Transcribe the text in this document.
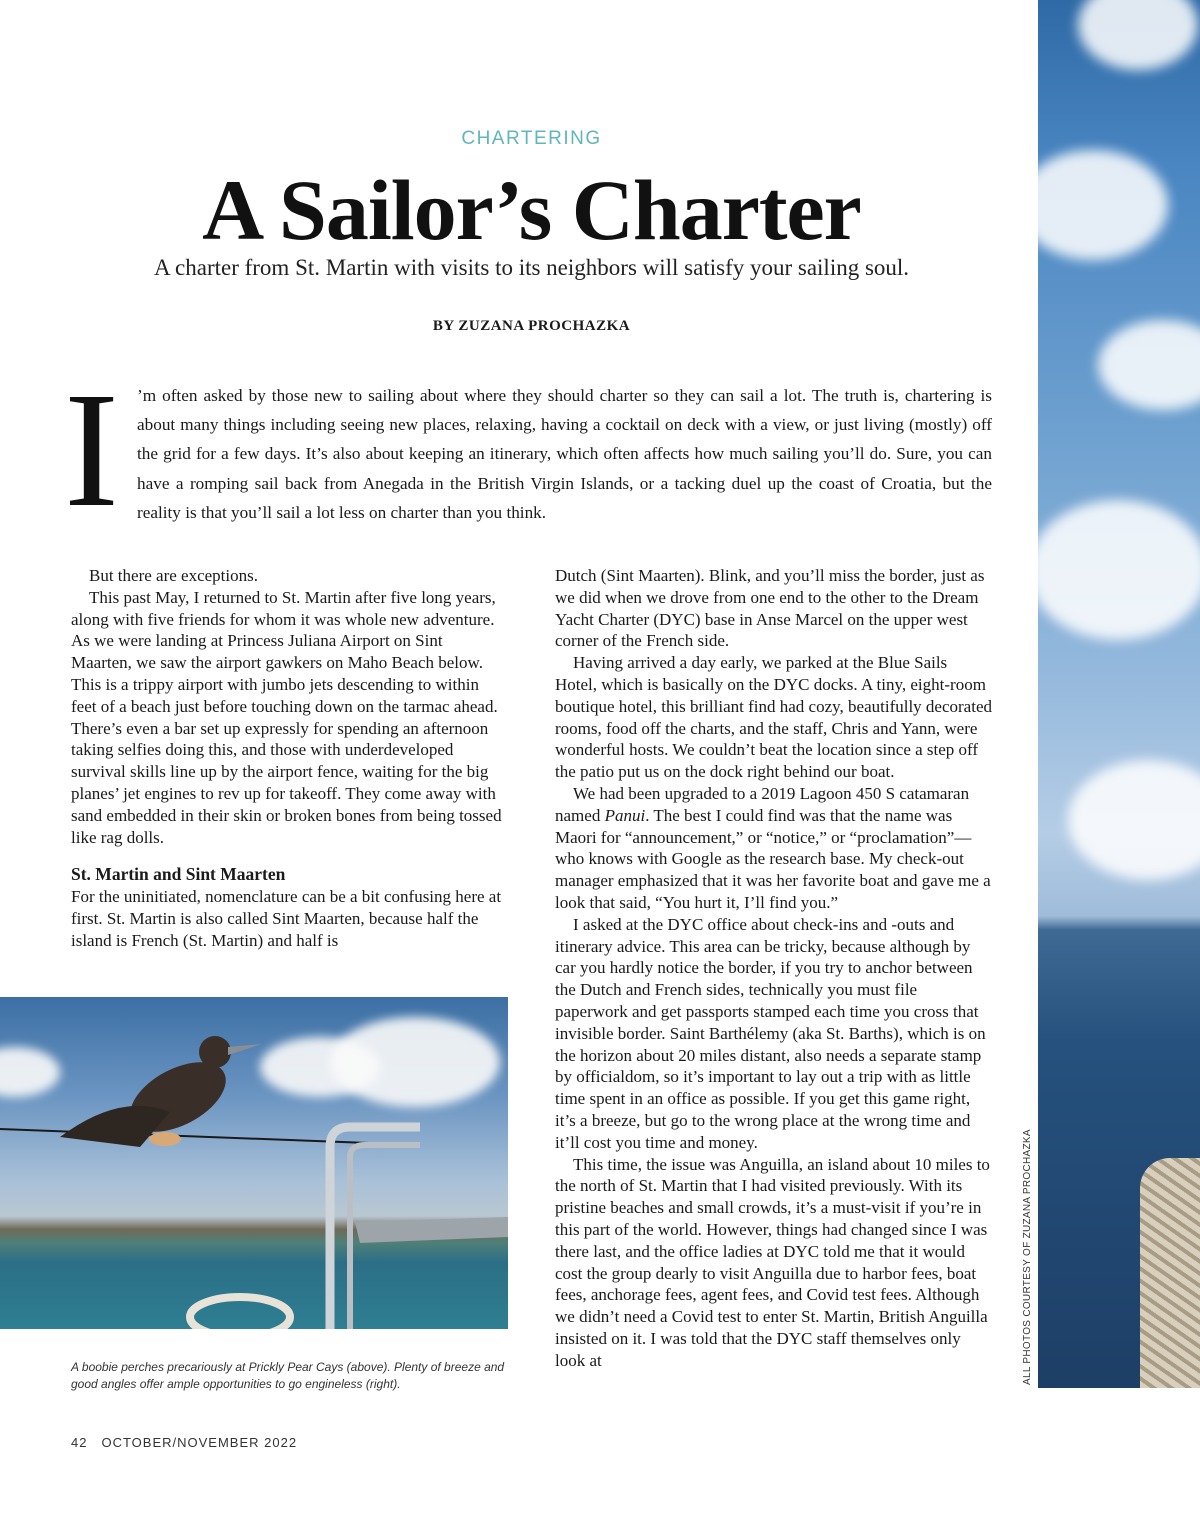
ALL PHOTOS COURTESY OF ZUZANA PROCHAZKA
CHARTERING
A Sailor’s Charter
A charter from St. Martin with visits to its neighbors will satisfy your sailing soul.
BY ZUZANA PROCHAZKA
I ’m often asked by those new to sailing about where they should charter so they can sail a lot. The truth is, chartering is about many things including seeing new places, relaxing, having a cocktail on deck with a view, or just living (mostly) off the grid for a few days. It’s also about keeping an itinerary, which often affects how much sailing you’ll do. Sure, you can have a romping sail back from Anegada in the British Virgin Islands, or a tacking duel up the coast of Croatia, but the reality is that you’ll sail a lot less on charter than you think.

But there are exceptions.

This past May, I returned to St. Martin after five long years, along with five friends for whom it was whole new adventure. As we were landing at Princess Juliana Airport on Sint Maarten, we saw the airport gawkers on Maho Beach below. This is a trippy airport with jumbo jets descending to within feet of a beach just before touching down on the tarmac ahead. There’s even a bar set up expressly for spending an afternoon taking selfies doing this, and those with underdeveloped survival skills line up by the airport fence, waiting for the big planes’ jet engines to rev up for takeoff. They come away with sand embedded in their skin or broken bones from being tossed like rag dolls.

St. Martin and Sint Maarten

For the uninitiated, nomenclature can be a bit confusing here at first. St. Martin is also called Sint Maarten, because half the island is French (St. Martin) and half is

A boobie perches precariously at Prickly Pear Cays (above). Plenty of breeze and good angles offer ample opportunities to go engineless (right).

Dutch (Sint Maarten). Blink, and you’ll miss the border, just as we did when we drove from one end to the other to the Dream Yacht Charter (DYC) base in Anse Marcel on the upper west corner of the French side.

Having arrived a day early, we parked at the Blue Sails Hotel, which is basically on the DYC docks. A tiny, eight-room boutique hotel, this brilliant find had cozy, beautifully decorated rooms, food off the charts, and the staff, Chris and Yann, were wonderful hosts. We couldn’t beat the location since a step off the patio put us on the dock right behind our boat.

We had been upgraded to a 2019 Lagoon 450 S catamaran named Panui. The best I could find was that the name was Maori for “announcement,” or “notice,” or “proclamation”—who knows with Google as the research base. My check-out manager emphasized that it was her favorite boat and gave me a look that said, “You hurt it, I’ll find you.”

I asked at the DYC office about check-ins and -outs and itinerary advice. This area can be tricky, because although by car you hardly notice the border, if you try to anchor between the Dutch and French sides, technically you must file paperwork and get passports stamped each time you cross that invisible border. Saint Barthélemy (aka St. Barths), which is on the horizon about 20 miles distant, also needs a separate stamp by officialdom, so it’s important to lay out a trip with as little time spent in an office as possible. If you get this game right, it’s a breeze, but go to the wrong place at the wrong time and it’ll cost you time and money.

This time, the issue was Anguilla, an island about 10 miles to the north of St. Martin that I had visited previously. With its pristine beaches and small crowds, it’s a must-visit if you’re in this part of the world. However, things had changed since I was there last, and the office ladies at DYC told me that it would cost the group dearly to visit Anguilla due to harbor fees, boat fees, anchorage fees, agent fees, and Covid test fees. Although we didn’t need a Covid test to enter St. Martin, British Anguilla insisted on it. I was told that the DYC staff themselves only look at

42 OCTOBER/NOVEMBER 2022
